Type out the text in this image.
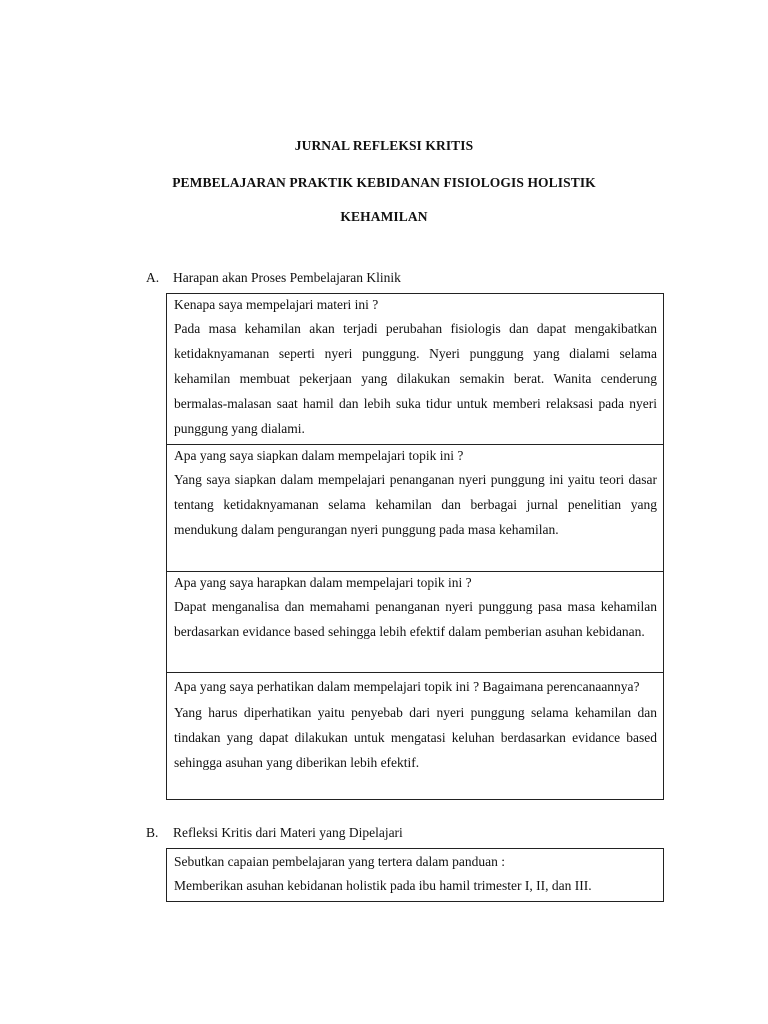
JURNAL REFLEKSI KRITIS
PEMBELAJARAN PRAKTIK KEBIDANAN FISIOLOGIS HOLISTIK
KEHAMILAN
A. Harapan akan Proses Pembelajaran Klinik
Kenapa saya mempelajari materi ini ?
Pada masa kehamilan akan terjadi perubahan fisiologis dan dapat mengakibatkan ketidaknyamanan seperti nyeri punggung. Nyeri punggung yang dialami selama kehamilan membuat pekerjaan yang dilakukan semakin berat. Wanita cenderung bermalas-malasan saat hamil dan lebih suka tidur untuk memberi relaksasi pada nyeri punggung yang dialami.
Apa yang saya siapkan dalam mempelajari topik ini ?
Yang saya siapkan dalam mempelajari penanganan nyeri punggung ini yaitu teori dasar tentang ketidaknyamanan selama kehamilan dan berbagai jurnal penelitian yang mendukung dalam pengurangan nyeri punggung pada masa kehamilan.
Apa yang saya harapkan dalam mempelajari topik ini ?
Dapat menganalisa dan memahami penanganan nyeri punggung pasa masa kehamilan berdasarkan evidance based sehingga lebih efektif dalam pemberian asuhan kebidanan.
Apa yang saya perhatikan dalam mempelajari topik ini ? Bagaimana perencanaannya?
Yang harus diperhatikan yaitu penyebab dari nyeri punggung selama kehamilan dan tindakan yang dapat dilakukan untuk mengatasi keluhan berdasarkan evidance based sehingga asuhan yang diberikan lebih efektif.
B. Refleksi Kritis dari Materi yang Dipelajari
Sebutkan capaian pembelajaran yang tertera dalam panduan :
Memberikan asuhan kebidanan holistik pada ibu hamil trimester I, II, dan III.
